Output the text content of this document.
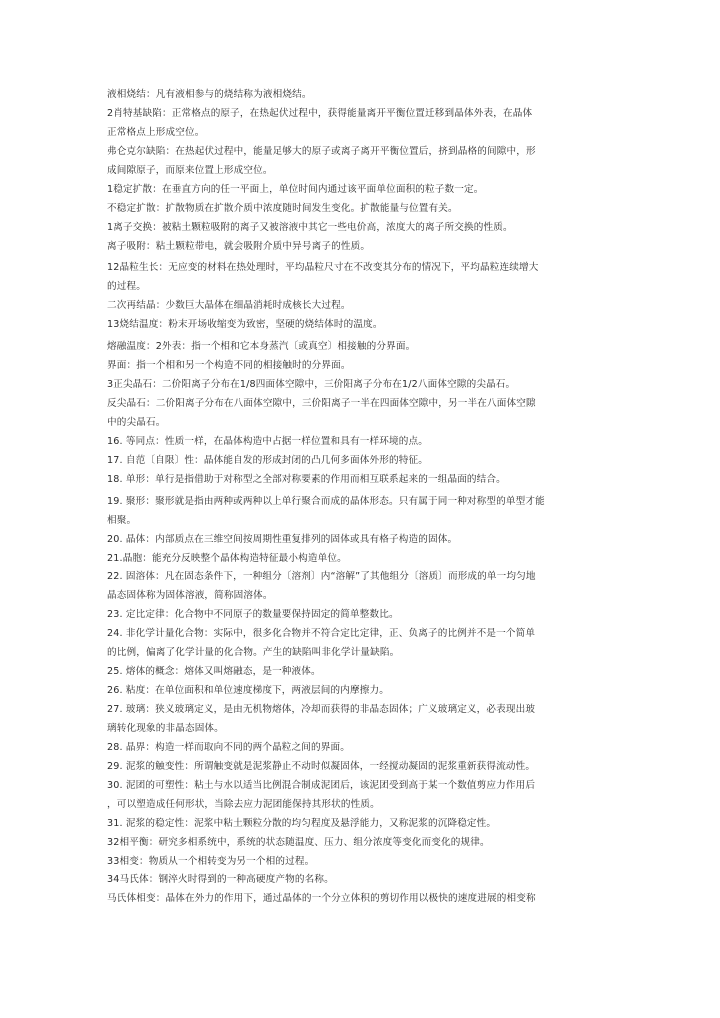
液相烧结：凡有液相参与的烧结称为液相烧结。
2肖特基缺陷：正常格点的原子，在热起伏过程中，获得能量离开平衡位置迁移到晶体外表，在晶体
正常格点上形成空位。
弗仑克尔缺陷：在热起伏过程中，能量足够大的原子或离子离开平衡位置后，挤到晶格的间隙中，形
成间隙原子，而原来位置上形成空位。
1稳定扩散：在垂直方向的任一平面上，单位时间内通过该平面单位面积的粒子数一定。
不稳定扩散：扩散物质在扩散介质中浓度随时间发生变化。扩散能量与位置有关。
1离子交换：被粘土颗粒吸附的离子又被溶液中其它一些电价高，浓度大的离子所交换的性质。
离子吸附：粘土颗粒带电，就会吸附介质中异号离子的性质。
12晶粒生长：无应变的材料在热处理时，平均晶粒尺寸在不改变其分布的情况下，平均晶粒连续增大
的过程。
二次再结晶：少数巨大晶体在细晶消耗时成核长大过程。
13烧结温度：粉末开场收缩变为致密，坚硬的烧结体时的温度。
熔融温度：2外表：指一个相和它本身蒸汽〔或真空〕相接触的分界面。
界面：指一个相和另一个构造不同的相接触时的分界面。
3正尖晶石：二价阳离子分布在1/8四面体空隙中，三价阳离子分布在1/2八面体空隙的尖晶石。
反尖晶石：二价阳离子分布在八面体空隙中，三价阳离子一半在四面体空隙中，另一半在八面体空隙
中的尖晶石。
16. 等同点：性质一样，在晶体构造中占据一样位置和具有一样环境的点。
17. 自范〔自限〕性：晶体能自发的形成封闭的凸几何多面体外形的特征。
18. 单形：单行是指借助于对称型之全部对称要素的作用而相互联系起来的一组晶面的结合。
19. 聚形：聚形就是指由两种或两种以上单行聚合而成的晶体形态。只有属于同一种对称型的单型才能
相聚。
20. 晶体：内部质点在三维空间按周期性重复排列的固体或具有格子构造的固体。
21.晶胞：能充分反映整个晶体构造特征最小构造单位。
22. 固溶体：凡在固态条件下，一种组分〔溶剂〕内“溶解”了其他组分〔溶质〕而形成的单一均匀地
晶态固体称为固体溶液，简称固溶体。
23. 定比定律：化合物中不同原子的数量要保持固定的简单整数比。
24. 非化学计量化合物：实际中，很多化合物并不符合定比定律，正、负离子的比例并不是一个简单
的比例，偏离了化学计量的化合物。产生的缺陷叫非化学计量缺陷。
25. 熔体的概念：熔体又叫熔融态，是一种液体。
26. 粘度：在单位面积和单位速度梯度下，两液层间的内摩擦力。
27. 玻璃：狭义玻璃定义，是由无机物熔体，冷却而获得的非晶态固体；广义玻璃定义，必表现出玻
璃转化现象的非晶态固体。
28. 晶界：构造一样而取向不同的两个晶粒之间的界面。
29. 泥浆的触变性：所谓触变就是泥浆静止不动时似凝固体，一经搅动凝固的泥浆重新获得流动性。
30. 泥团的可塑性：粘土与水以适当比例混合制成泥团后，该泥团受到高于某一个数值剪应力作用后
，可以塑造成任何形状，当除去应力泥团能保持其形状的性质。
31. 泥浆的稳定性：泥浆中粘土颗粒分散的均匀程度及悬浮能力，又称泥浆的沉降稳定性。
32相平衡：研究多相系统中，系统的状态随温度、压力、组分浓度等变化而变化的规律。
33相变：物质从一个相转变为另一个相的过程。
34马氏体：钢淬火时得到的一种高硬度产物的名称。
马氏体相变：晶体在外力的作用下，通过晶体的一个分立体积的剪切作用以极快的速度进展的相变称
